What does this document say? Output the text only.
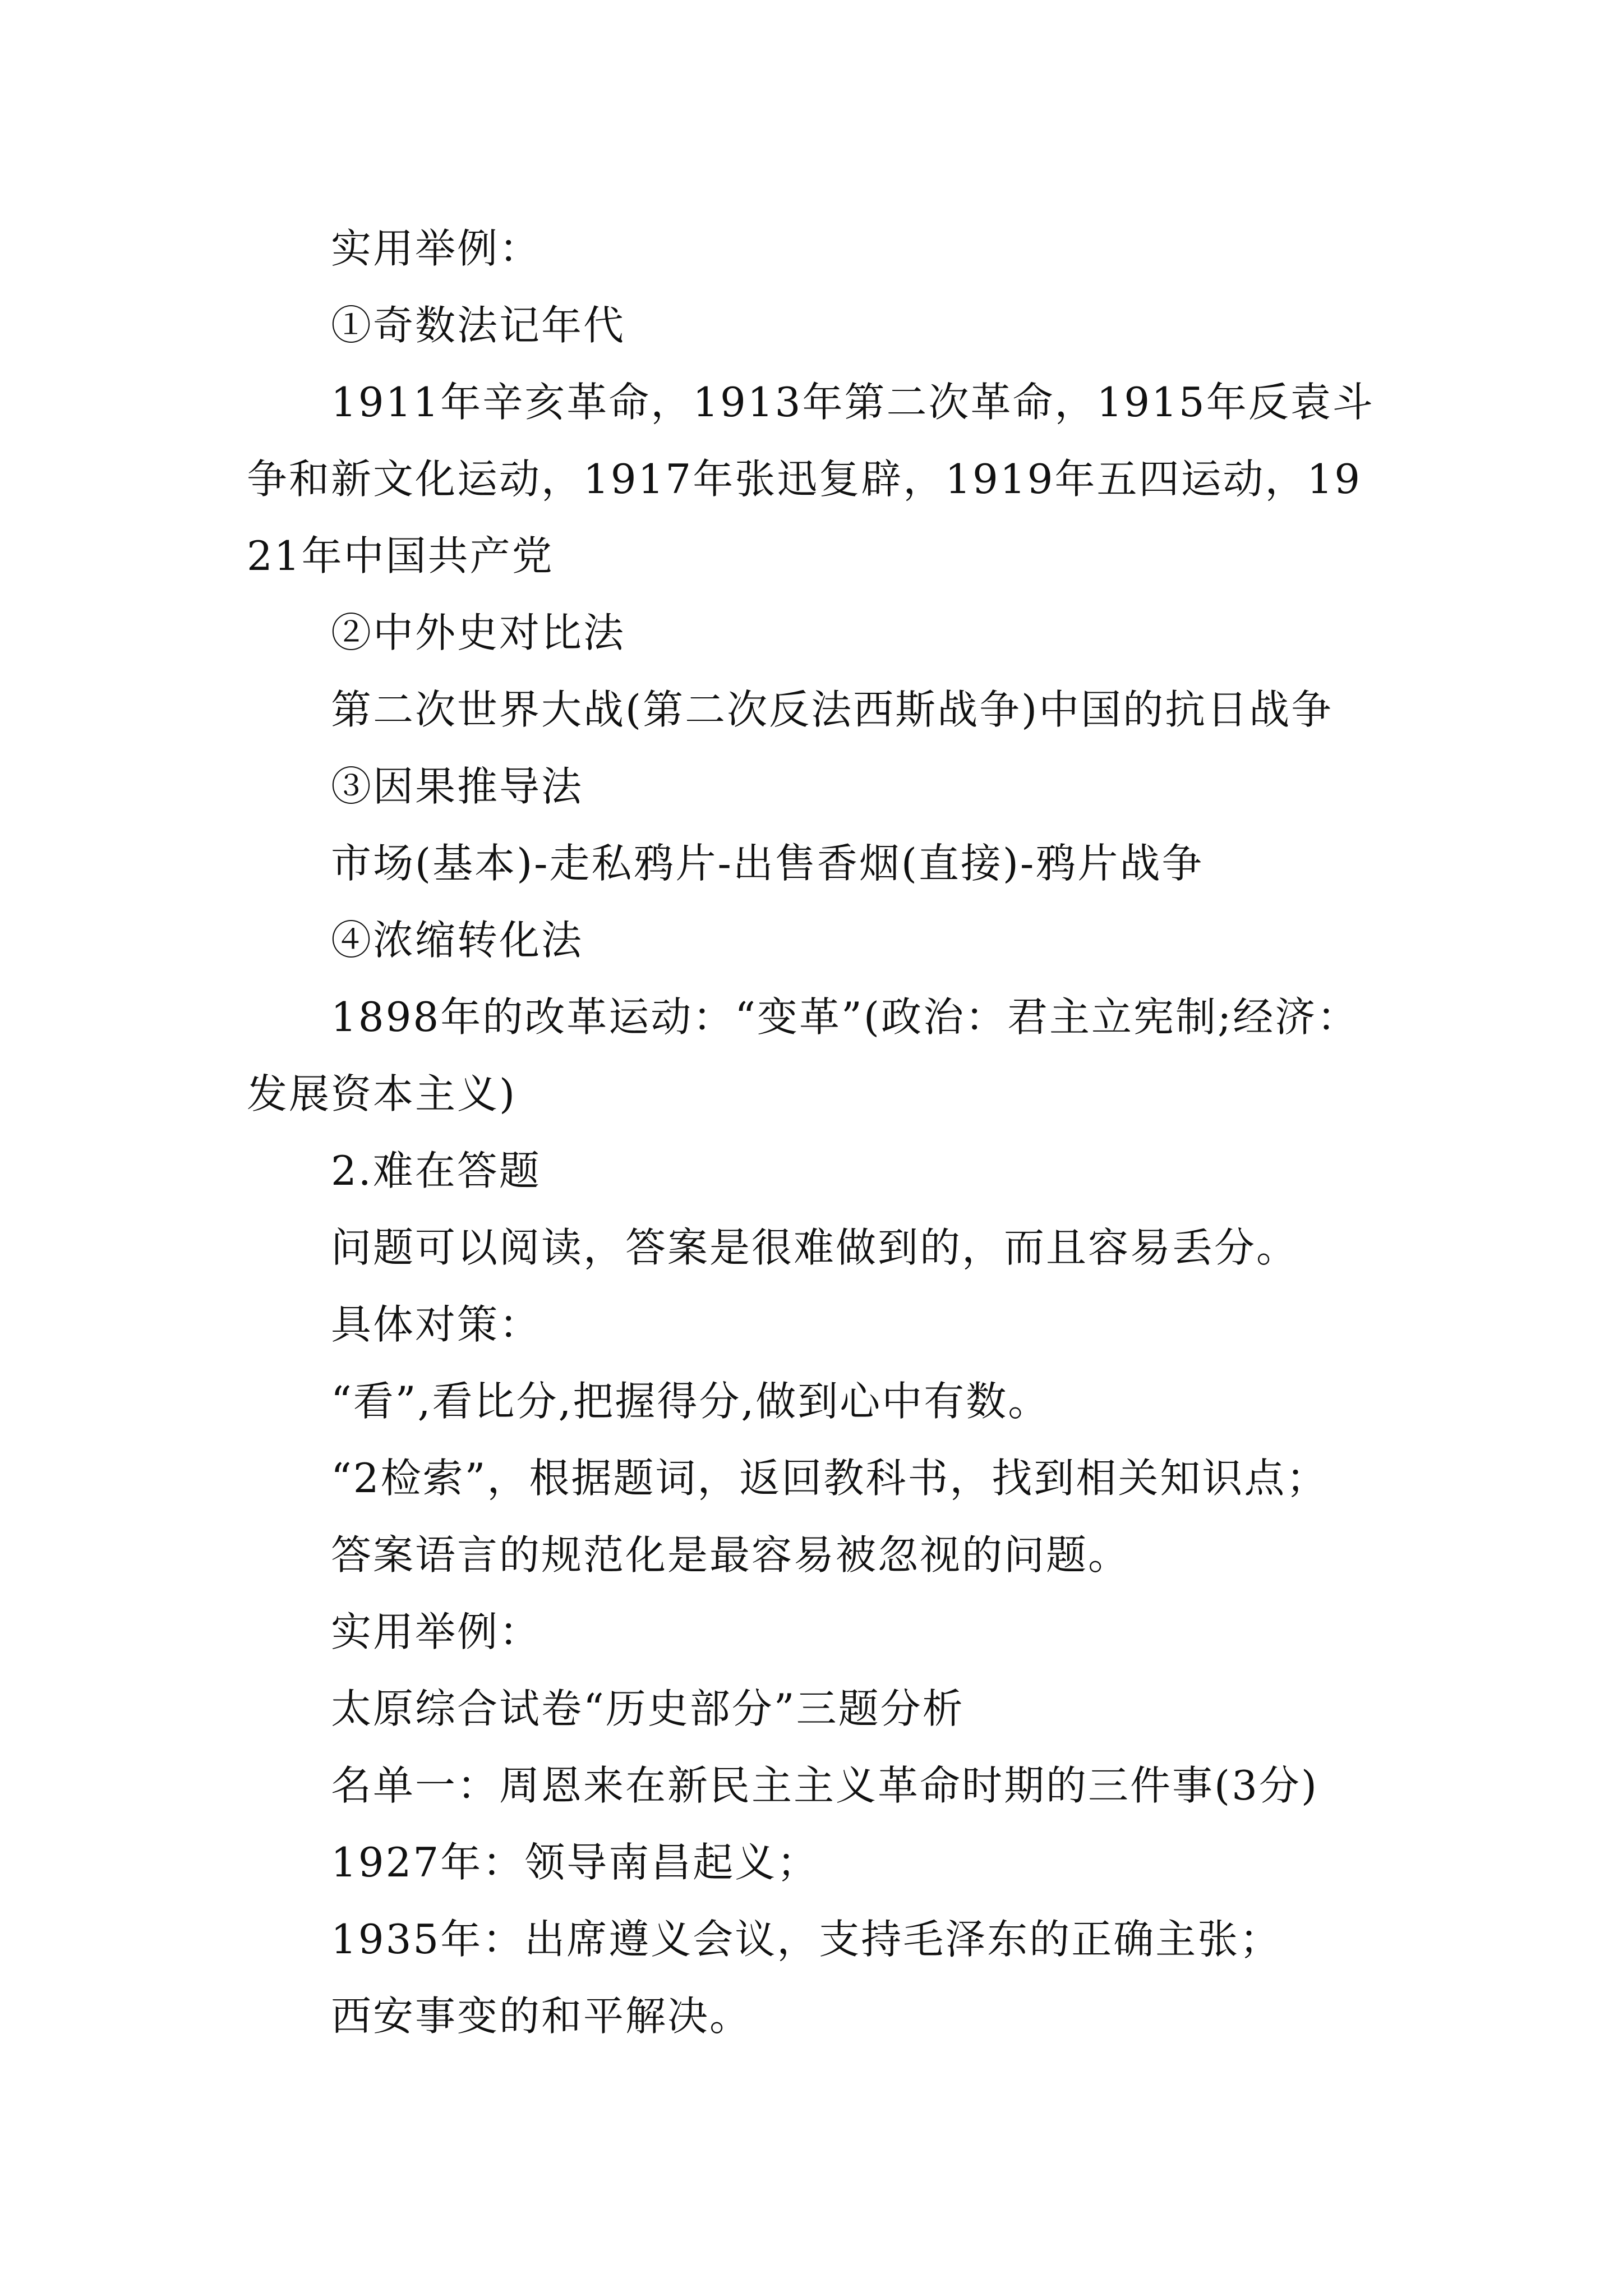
实用举例：

①奇数法记年代

1911年辛亥革命，1913年第二次革命，1915年反袁斗争和新文化运动，1917年张迅复辟，1919年五四运动，1921年中国共产党

②中外史对比法

第二次世界大战(第二次反法西斯战争)中国的抗日战争

③因果推导法

市场(基本)-走私鸦片-出售香烟(直接)-鸦片战争

④浓缩转化法

1898年的改革运动：“变革”(政治：君主立宪制;经济：发展资本主义)

2.难在答题

问题可以阅读，答案是很难做到的，而且容易丢分。

具体对策：

“看”,看比分,把握得分,做到心中有数。

“2检索”，根据题词，返回教科书，找到相关知识点；

答案语言的规范化是最容易被忽视的问题。

实用举例：

太原综合试卷“历史部分”三题分析

名单一：周恩来在新民主主义革命时期的三件事(3分)

1927年：领导南昌起义；

1935年：出席遵义会议，支持毛泽东的正确主张；

西安事变的和平解决。
